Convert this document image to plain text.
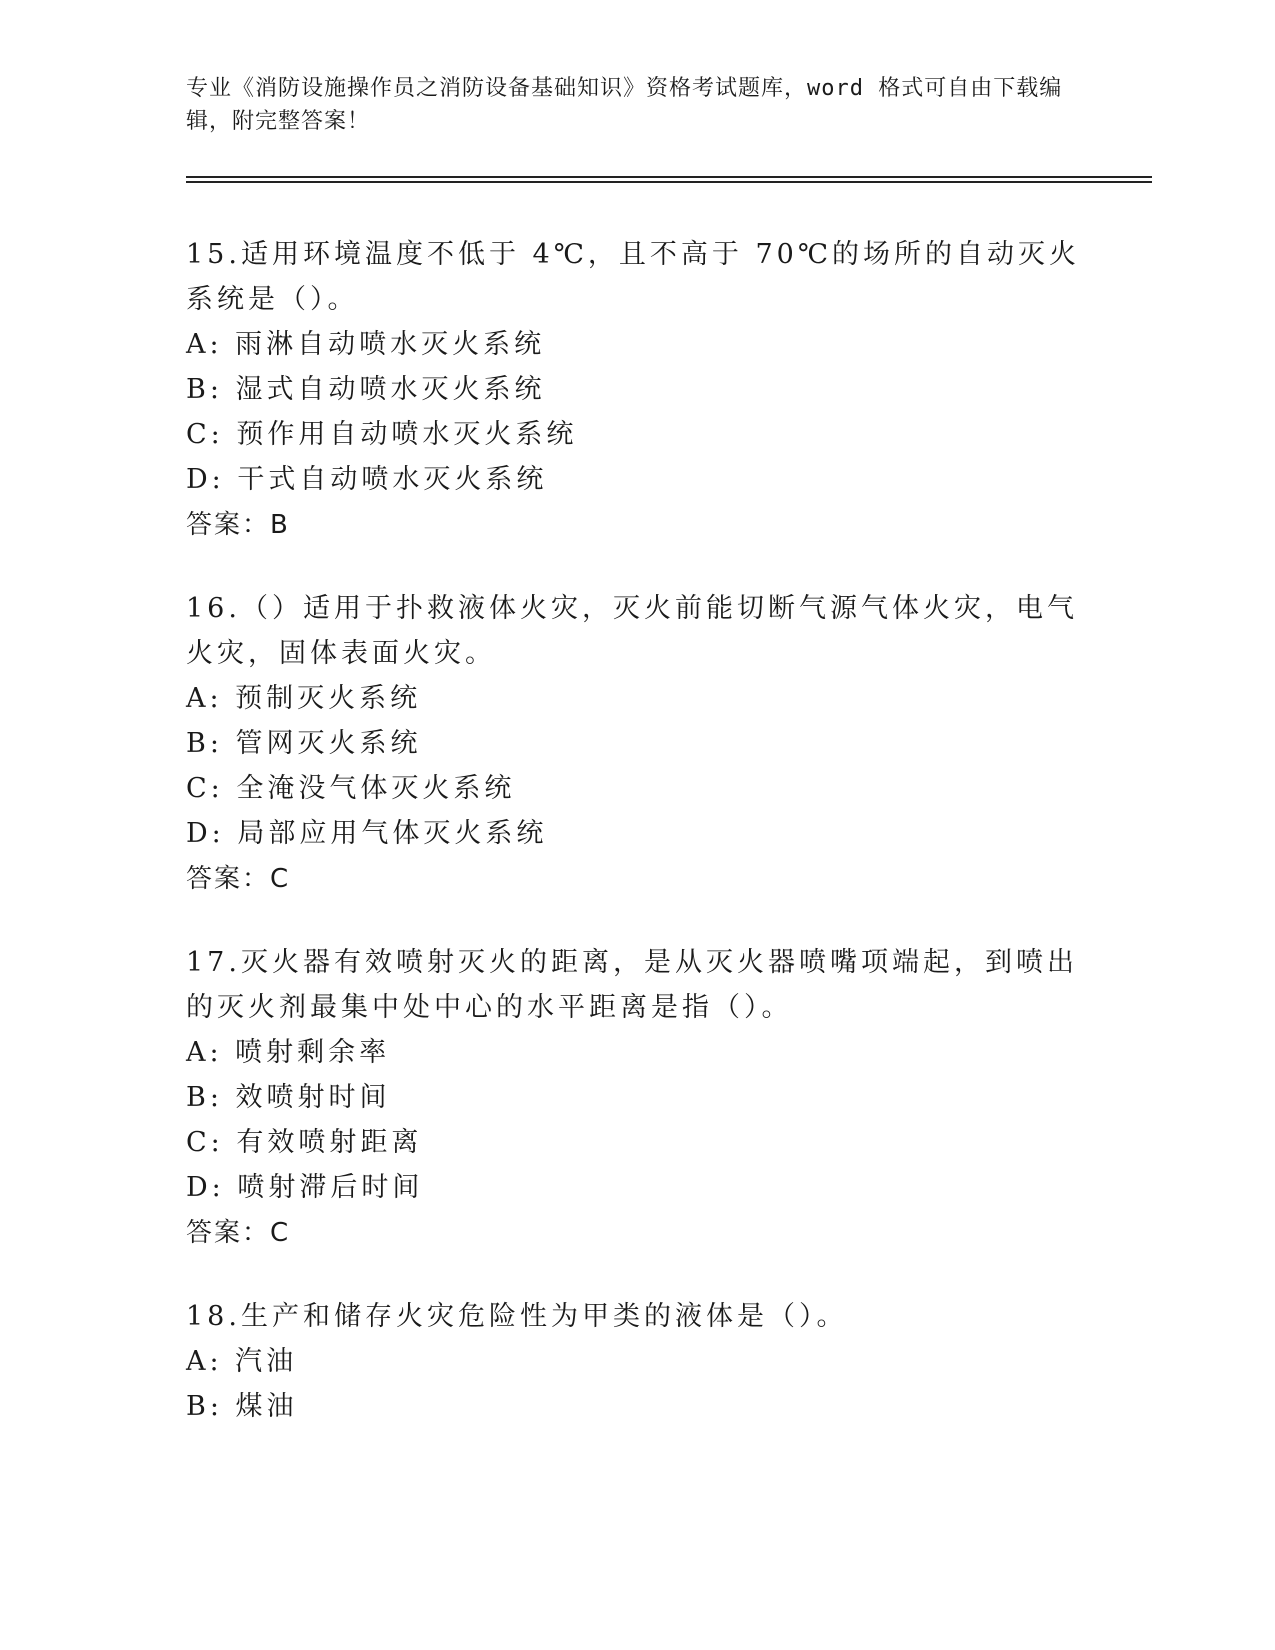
专业《消防设施操作员之消防设备基础知识》资格考试题库，word 格式可自由下载编辑，附完整答案！
15.适用环境温度不低于 4℃，且不高于 70℃的场所的自动灭火系统是（）。
A: 雨淋自动喷水灭火系统
B: 湿式自动喷水灭火系统
C: 预作用自动喷水灭火系统
D: 干式自动喷水灭火系统
答案：B
16.（）适用于扑救液体火灾，灭火前能切断气源气体火灾，电气火灾，固体表面火灾。
A: 预制灭火系统
B: 管网灭火系统
C: 全淹没气体灭火系统
D: 局部应用气体灭火系统
答案：C
17.灭火器有效喷射灭火的距离，是从灭火器喷嘴项端起，到喷出的灭火剂最集中处中心的水平距离是指（）。
A: 喷射剩余率
B: 效喷射时间
C: 有效喷射距离
D: 喷射滞后时间
答案：C
18.生产和储存火灾危险性为甲类的液体是（）。
A: 汽油
B: 煤油
